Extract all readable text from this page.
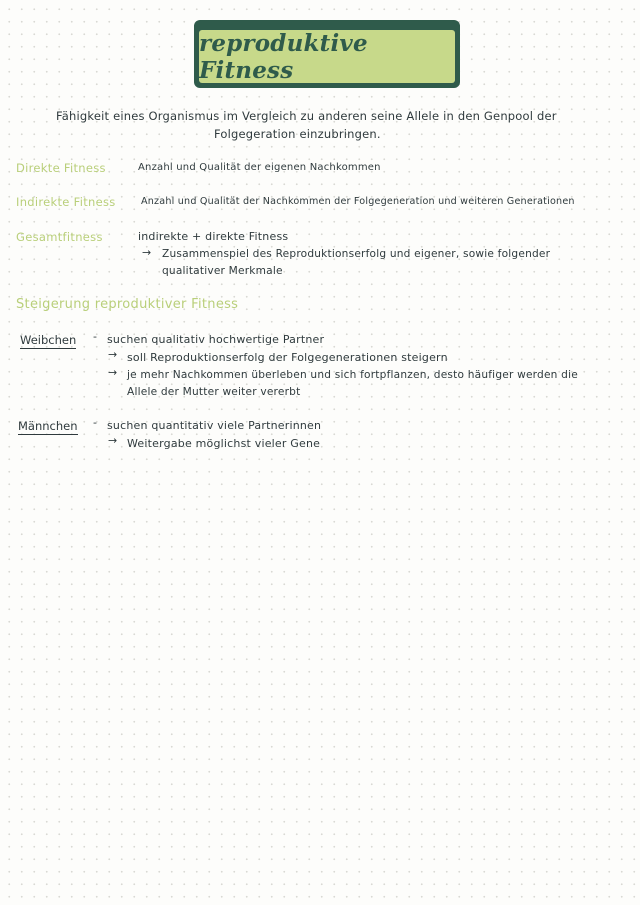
reproduktive Fitness
Fähigkeit eines Organismus im Vergleich zu anderen seine Allele in den Genpool der
Folgegeration einzubringen.
Direkte Fitness	Anzahl und Qualität der eigenen Nachkommen
Indirekte Fitness	Anzahl und Qualität der Nachkommen der Folgegeneration und weiteren Generationen
Gesamtfitness	indirekte + direkte Fitness
→ Zusammenspiel des Reproduktionserfolg und eigener, sowie folgender
qualitativer Merkmale
Steigerung reproduktiver Fitness
Weibchen - suchen qualitativ hochwertige Partner
→ soll Reproduktionserfolg der Folgegenerationen steigern
→ je mehr Nachkommen überleben und sich fortpflanzen, desto häufiger werden die
Allele der Mutter weiter vererbt
Männchen - suchen quantitativ viele Partnerinnen
→ Weitergabe möglichst vieler Gene
